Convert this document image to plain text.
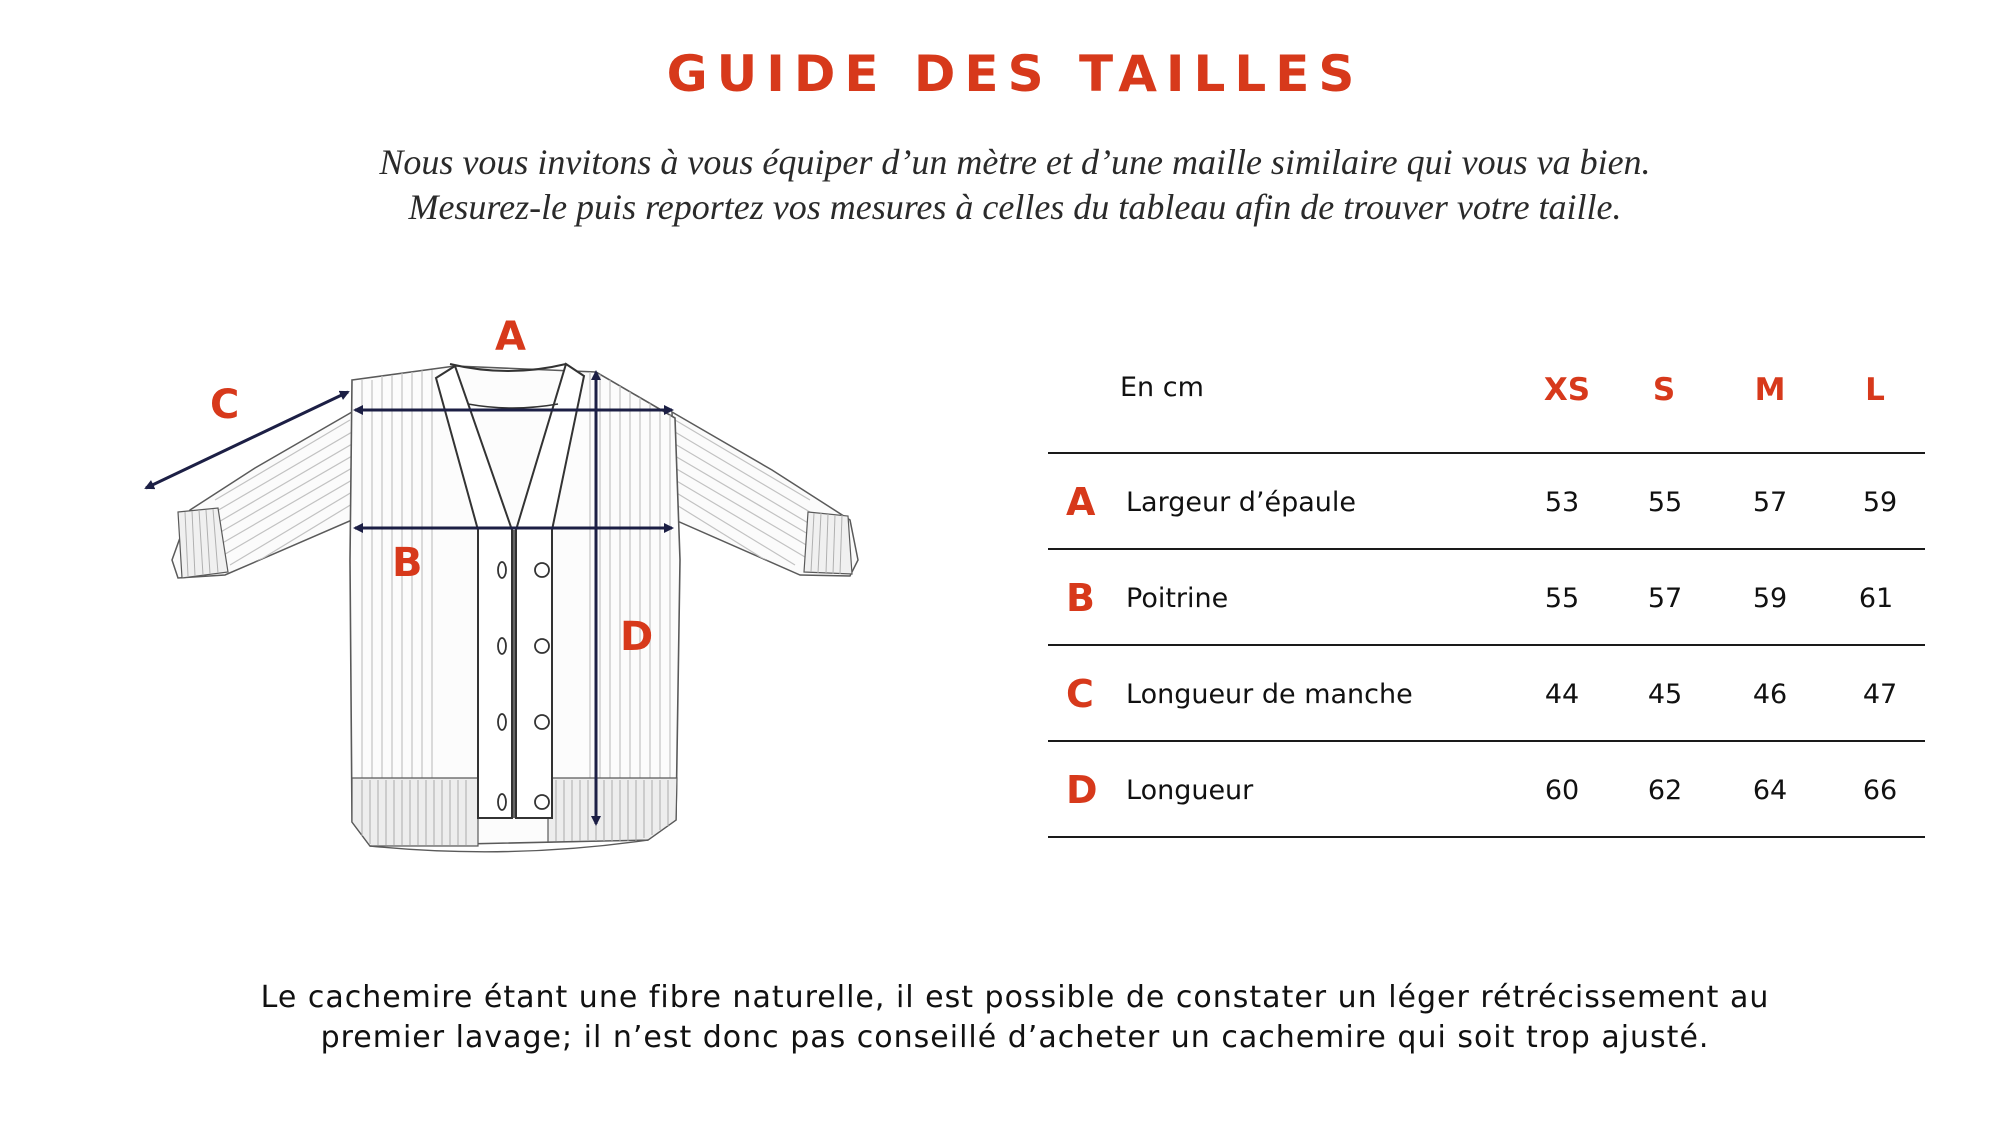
GUIDE DES TAILLES
Nous vous invitons à vous équiper d’un mètre et d’une maille similaire qui vous va bien.
Mesurez-le puis reportez vos mesures à celles du tableau afin de trouver votre taille.
A
B
C
D
En cm	XS	S	M	L
A Largeur d’épaule	53	55	57	59
B Poitrine	55	57	59	61
C Longueur de manche	44	45	46	47
D Longueur	60	62	64	66
Le cachemire étant une fibre naturelle, il est possible de constater un léger rétrécissement au
premier lavage; il n’est donc pas conseillé d’acheter un cachemire qui soit trop ajusté.
